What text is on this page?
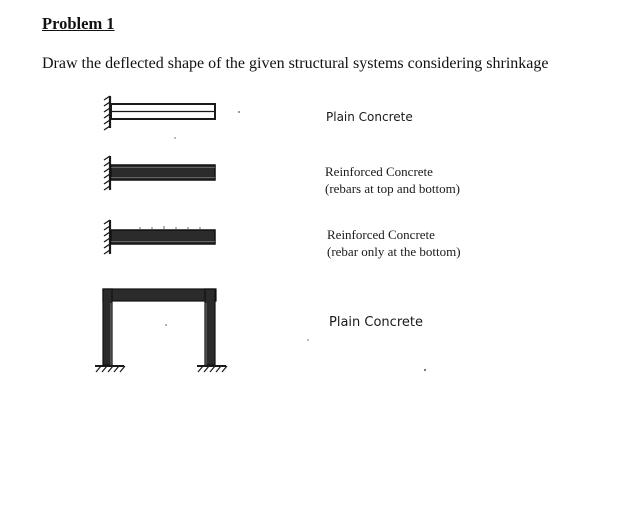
Problem 1

Draw the deflected shape of the given structural systems considering shrinkage

Plain Concrete
Reinforced Concrete
(rebars at top and bottom)
Reinforced Concrete
(rebar only at the bottom)
Plain Concrete
